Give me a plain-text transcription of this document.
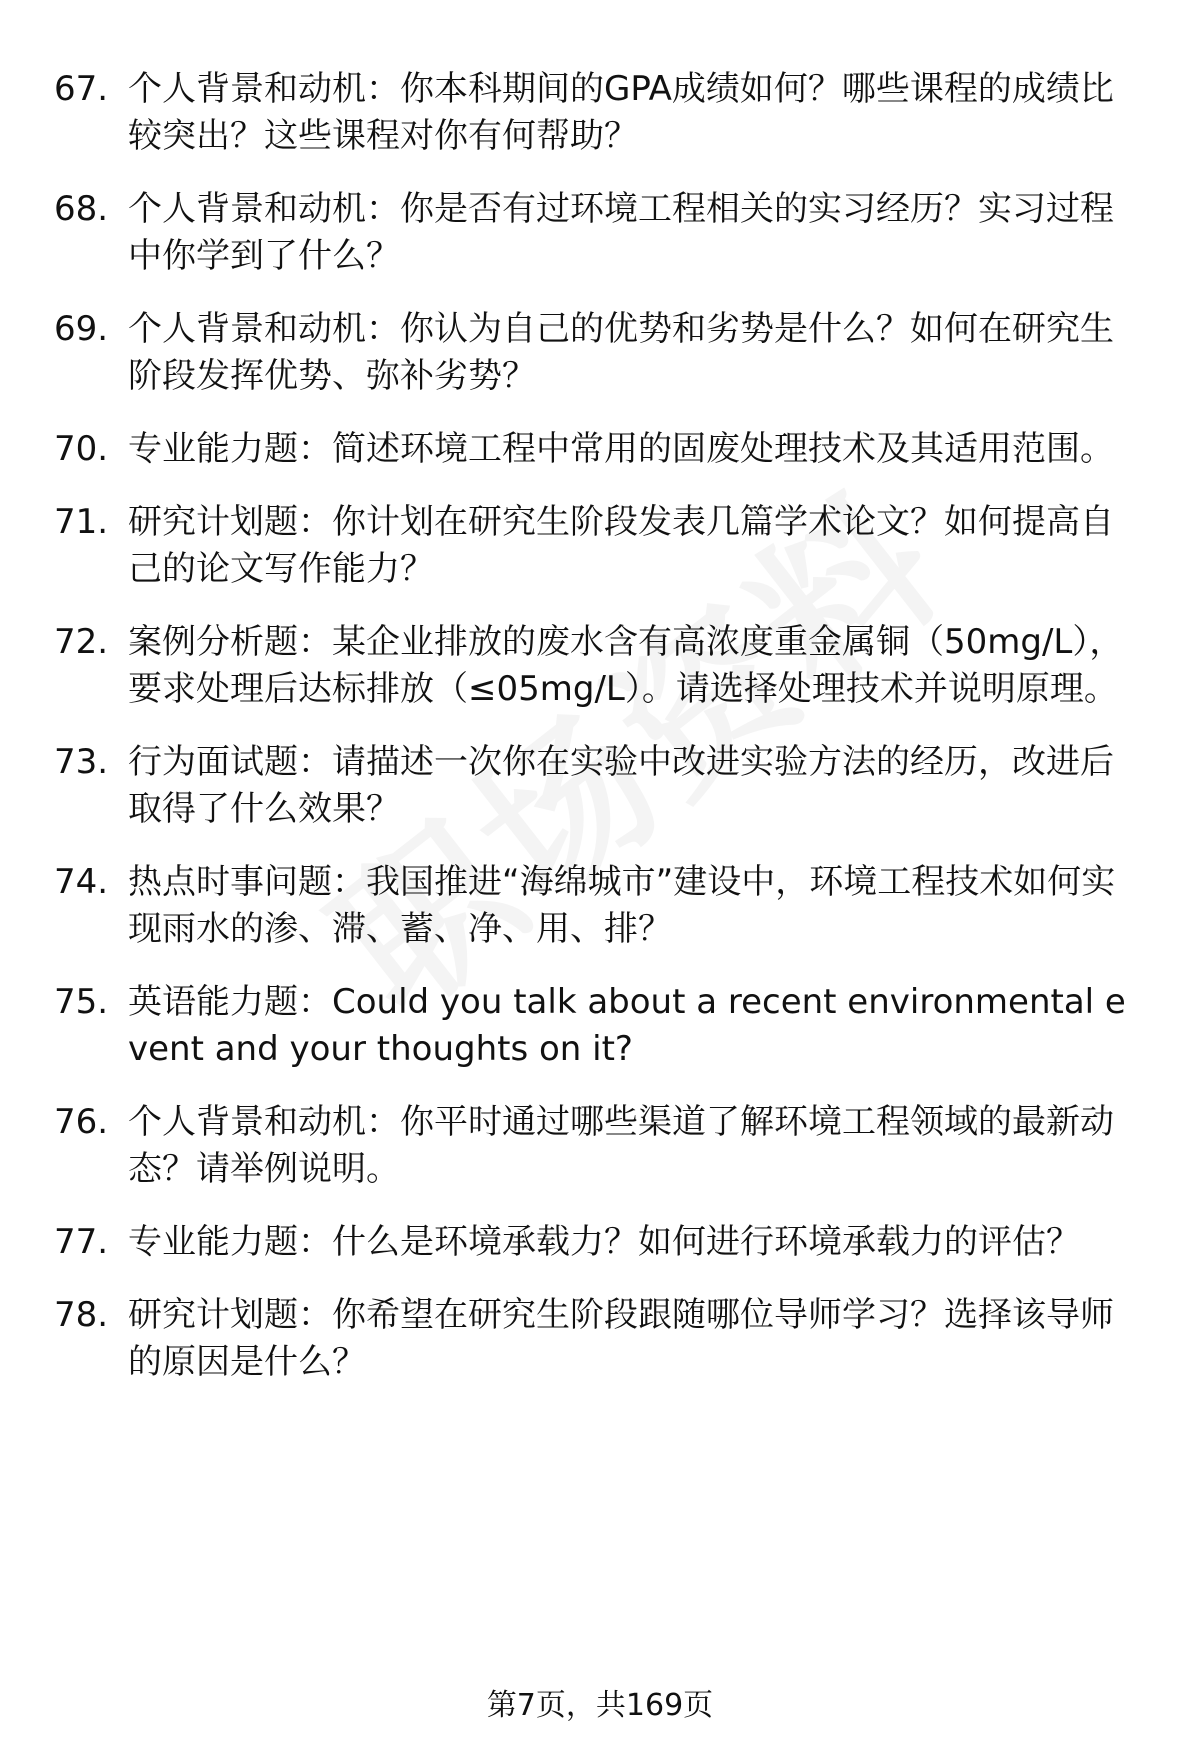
67. 个人背景和动机：你本科期间的GPA成绩如何？哪些课程的成绩比较突出？这些课程对你有何帮助？
68. 个人背景和动机：你是否有过环境工程相关的实习经历？实习过程中你学到了什么？
69. 个人背景和动机：你认为自己的优势和劣势是什么？如何在研究生阶段发挥优势、弥补劣势？
70. 专业能力题：简述环境工程中常用的固废处理技术及其适用范围。
71. 研究计划题：你计划在研究生阶段发表几篇学术论文？如何提高自己的论文写作能力？
72. 案例分析题：某企业排放的废水含有高浓度重金属铜（50mg/L），要求处理后达标排放（≤05mg/L）。请选择处理技术并说明原理。
73. 行为面试题：请描述一次你在实验中改进实验方法的经历，改进后取得了什么效果？
74. 热点时事问题：我国推进“海绵城市”建设中，环境工程技术如何实现雨水的渗、滞、蓄、净、用、排？
75. 英语能力题：Could you talk about a recent environmental event and your thoughts on it?
76. 个人背景和动机：你平时通过哪些渠道了解环境工程领域的最新动态？请举例说明。
77. 专业能力题：什么是环境承载力？如何进行环境承载力的评估？
78. 研究计划题：你希望在研究生阶段跟随哪位导师学习？选择该导师的原因是什么？
第7页，共169页
